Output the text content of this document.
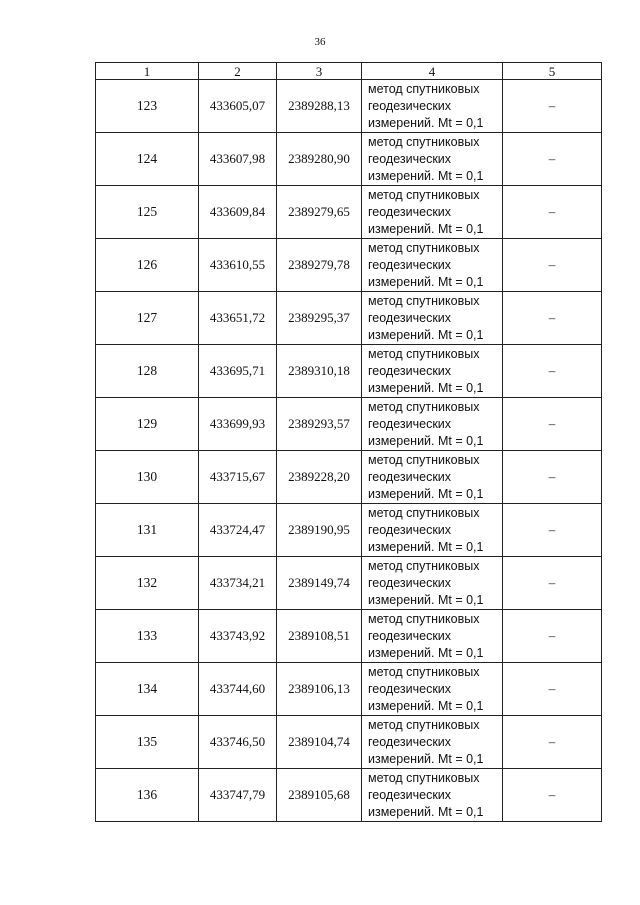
36
1	2	3	4	5
123	433605,07	2389288,13	метод спутниковых
геодезических
измерений. Mt = 0,1	–
124	433607,98	2389280,90	метод спутниковых
геодезических
измерений. Mt = 0,1	–
125	433609,84	2389279,65	метод спутниковых
геодезических
измерений. Mt = 0,1	–
126	433610,55	2389279,78	метод спутниковых
геодезических
измерений. Mt = 0,1	–
127	433651,72	2389295,37	метод спутниковых
геодезических
измерений. Mt = 0,1	–
128	433695,71	2389310,18	метод спутниковых
геодезических
измерений. Mt = 0,1	–
129	433699,93	2389293,57	метод спутниковых
геодезических
измерений. Mt = 0,1	–
130	433715,67	2389228,20	метод спутниковых
геодезических
измерений. Mt = 0,1	–
131	433724,47	2389190,95	метод спутниковых
геодезических
измерений. Mt = 0,1	–
132	433734,21	2389149,74	метод спутниковых
геодезических
измерений. Mt = 0,1	–
133	433743,92	2389108,51	метод спутниковых
геодезических
измерений. Mt = 0,1	–
134	433744,60	2389106,13	метод спутниковых
геодезических
измерений. Mt = 0,1	–
135	433746,50	2389104,74	метод спутниковых
геодезических
измерений. Mt = 0,1	–
136	433747,79	2389105,68	метод спутниковых
геодезических
измерений. Mt = 0,1	–
